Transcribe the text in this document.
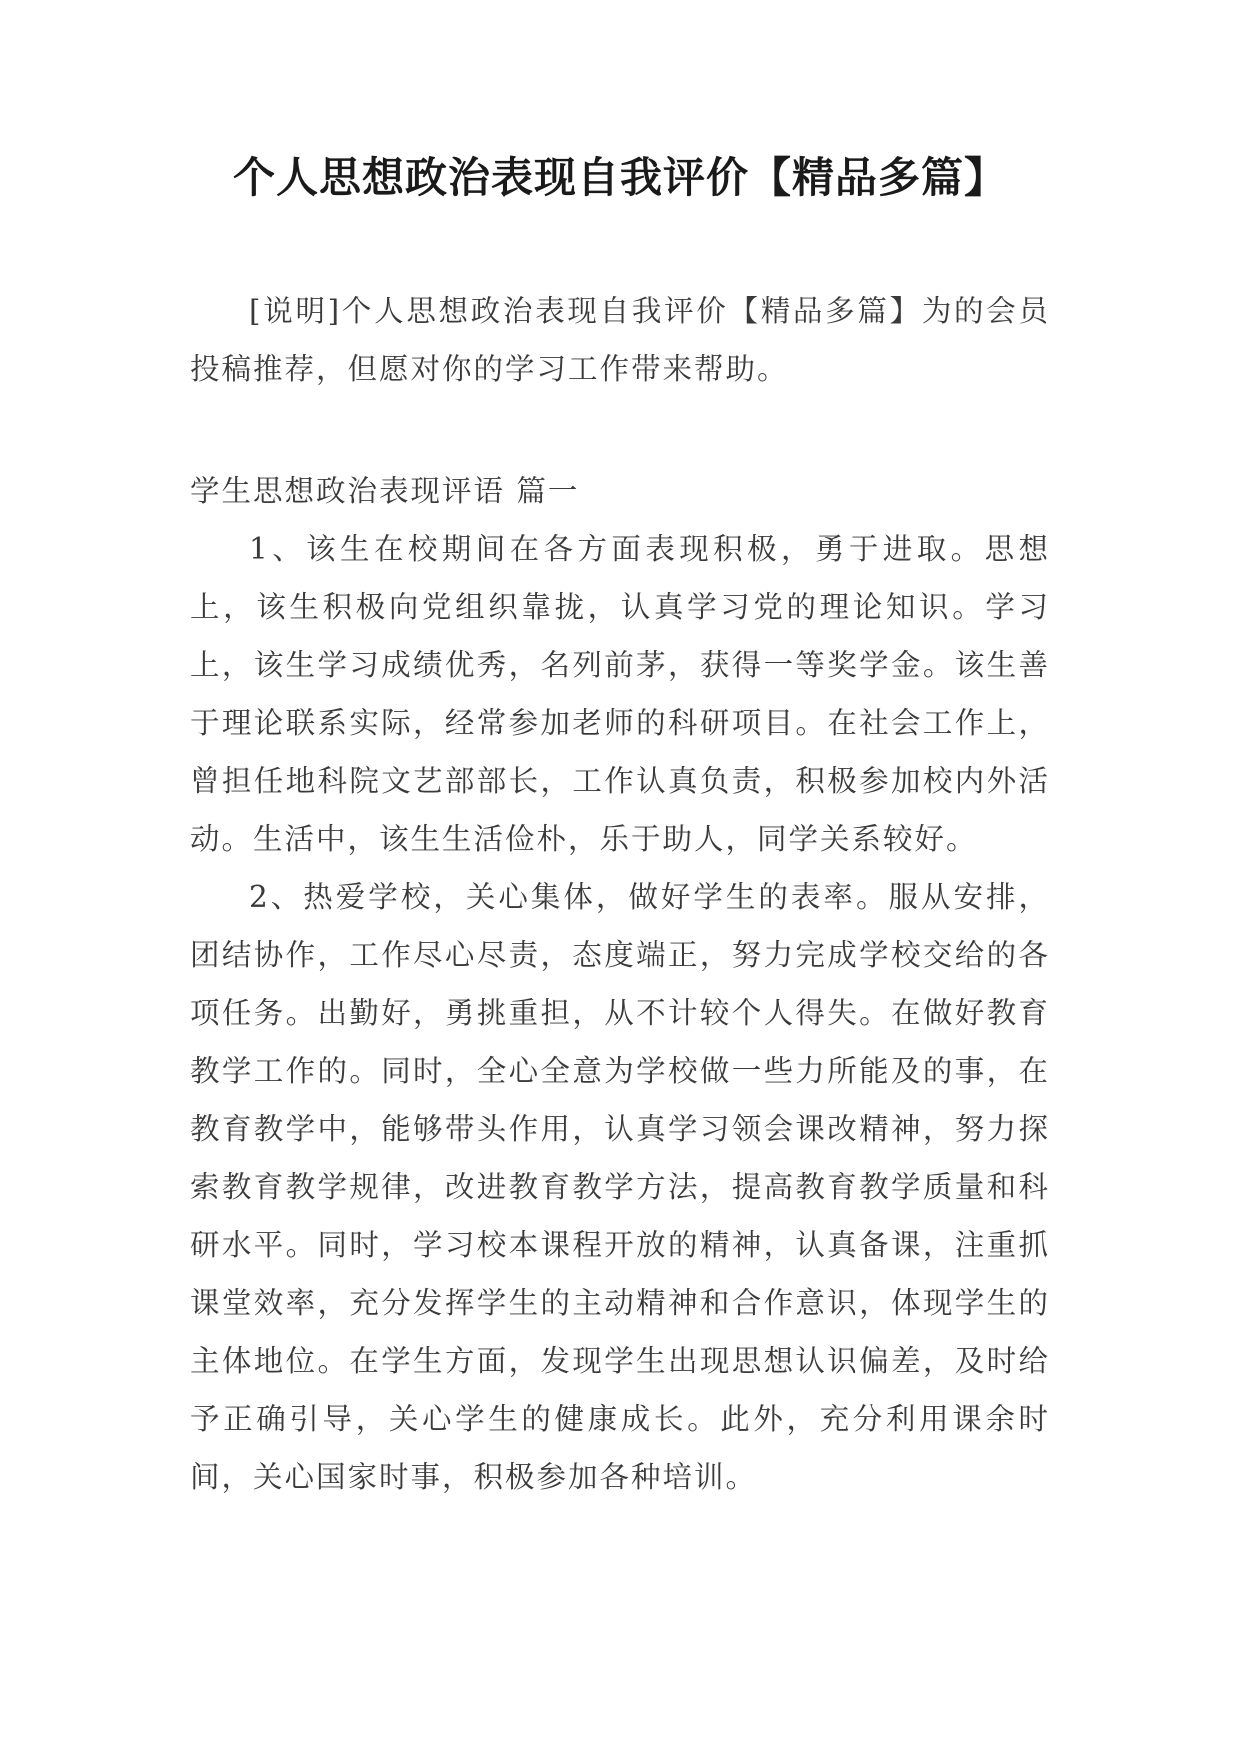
个人思想政治表现自我评价【精品多篇】

[说明]个人思想政治表现自我评价【精品多篇】为的会员投稿推荐，但愿对你的学习工作带来帮助。

学生思想政治表现评语 篇一

1、该生在校期间在各方面表现积极，勇于进取。思想上，该生积极向党组织靠拢，认真学习党的理论知识。学习上，该生学习成绩优秀，名列前茅，获得一等奖学金。该生善于理论联系实际，经常参加老师的科研项目。在社会工作上，曾担任地科院文艺部部长，工作认真负责，积极参加校内外活动。生活中，该生生活俭朴，乐于助人，同学关系较好。

2、热爱学校，关心集体，做好学生的表率。服从安排，团结协作，工作尽心尽责，态度端正，努力完成学校交给的各项任务。出勤好，勇挑重担，从不计较个人得失。在做好教育教学工作的。同时，全心全意为学校做一些力所能及的事，在教育教学中，能够带头作用，认真学习领会课改精神，努力探索教育教学规律，改进教育教学方法，提高教育教学质量和科研水平。同时，学习校本课程开放的精神，认真备课，注重抓课堂效率，充分发挥学生的主动精神和合作意识，体现学生的主体地位。在学生方面，发现学生出现思想认识偏差，及时给予正确引导，关心学生的健康成长。此外，充分利用课余时间，关心国家时事，积极参加各种培训。
